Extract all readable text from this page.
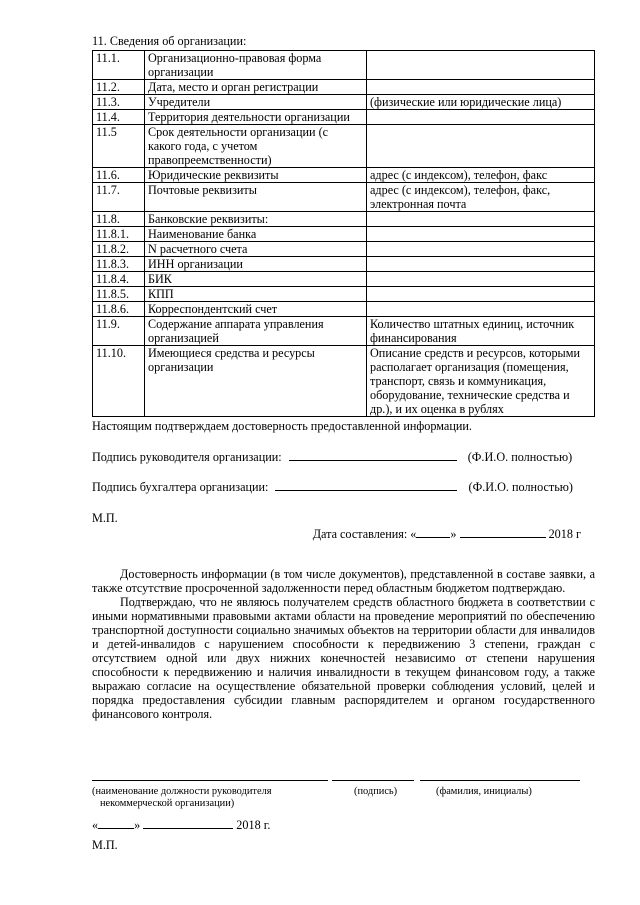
11. Сведения об организации:
11.1.	Организационно-правовая форма организации	
11.2.	Дата, место и орган регистрации	
11.3.	Учредители	(физические или юридические лица)
11.4.	Территория деятельности организации	
11.5	Срок деятельности организации (с какого года, с учетом правопреемственности)	
11.6.	Юридические реквизиты	адрес (с индексом), телефон, факс
11.7.	Почтовые реквизиты	адрес (с индексом), телефон, факс, электронная почта
11.8.	Банковские реквизиты:	
11.8.1.	Наименование банка	
11.8.2.	N расчетного счета	
11.8.3.	ИНН организации	
11.8.4.	БИК	
11.8.5.	КПП	
11.8.6.	Корреспондентский счет	
11.9.	Содержание аппарата управления организацией	Количество штатных единиц, источник финансирования
11.10.	Имеющиеся средства и ресурсы организации	Описание средств и ресурсов, которыми располагает организация (помещения, транспорт, связь и коммуникация, оборудование, технические средства и др.), и их оценка в рублях
Настоящим подтверждаем достоверность предоставленной информации.
Подпись руководителя организации:	(Ф.И.О. полностью)
Подпись бухгалтера организации:	(Ф.И.О. полностью)
М.П.
Дата составления: «	»	2018 г

Достоверность информации (в том числе документов), представленной в составе заявки, а также отсутствие просроченной задолженности перед областным бюджетом подтверждаю.

Подтверждаю, что не являюсь получателем средств областного бюджета в соответствии с иными нормативными правовыми актами области на проведение мероприятий по обеспечению транспортной доступности социально значимых объектов на территории области для инвалидов и детей-инвалидов с нарушением способности к передвижению 3 степени, граждан с отсутствием одной или двух нижних конечностей независимо от степени нарушения способности к передвижению и наличия инвалидности в текущем финансовом году, а также выражаю согласие на осуществление обязательной проверки соблюдения условий, целей и порядка предоставления субсидии главным распорядителем и органом государственного финансового контроля.

(наименование должности руководителя
некоммерческой организации)
(подпись)	(фамилия, инициалы)
«	»	2018 г.
М.П.
